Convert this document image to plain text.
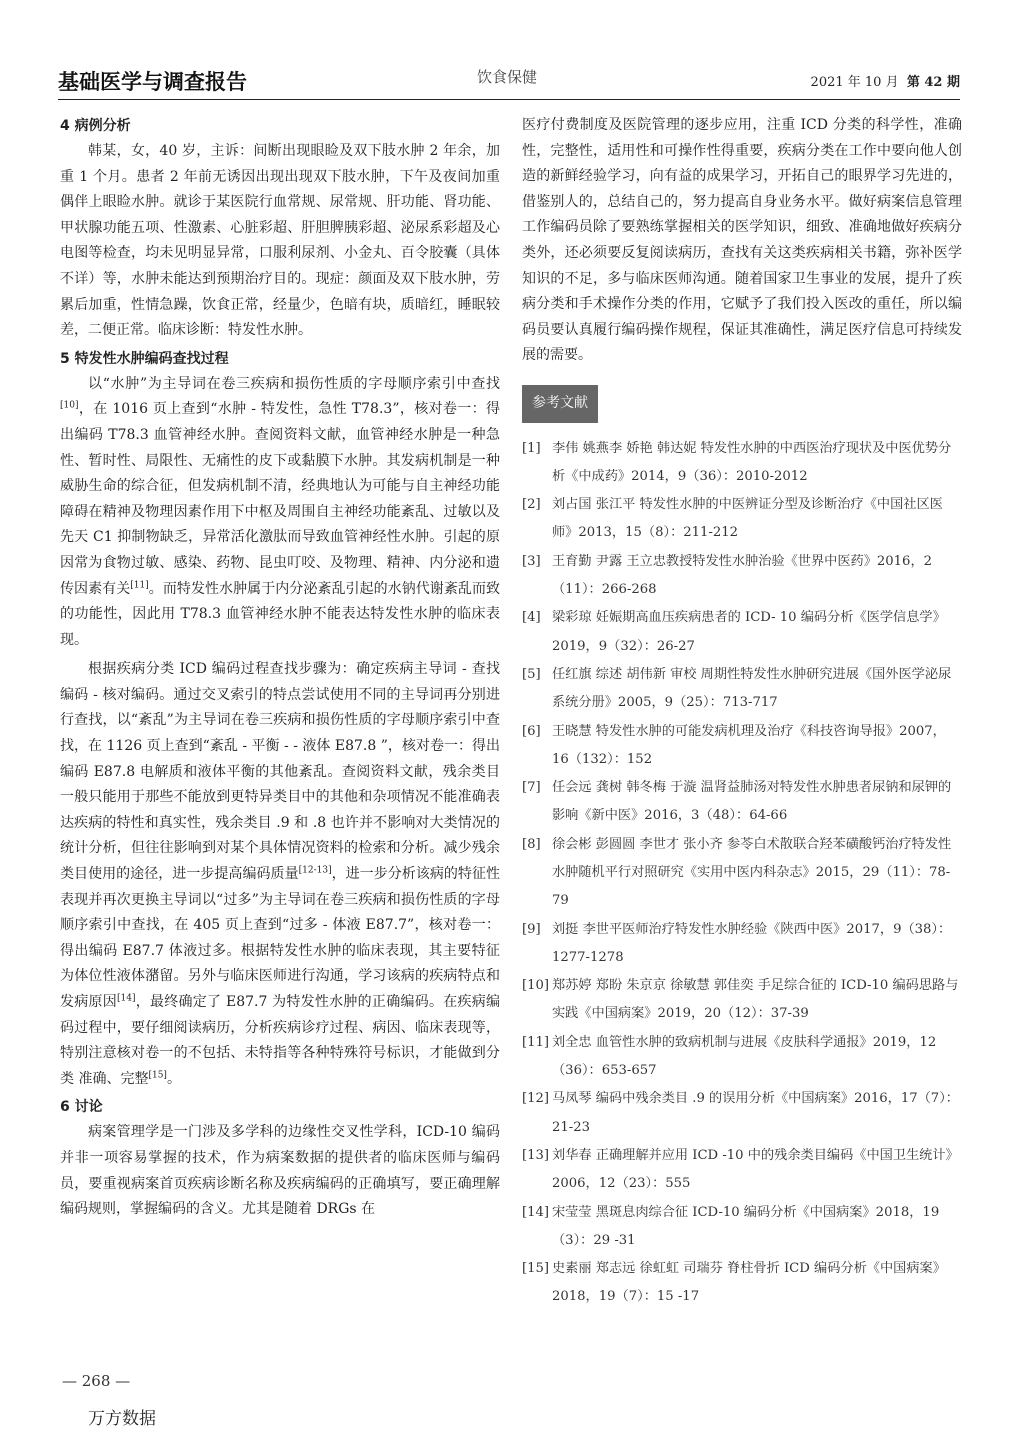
基础医学与调查报告	饮食保健	2021 年 10 月 第 42 期

4 病例分析

韩某，女，40 岁，主诉：间断出现眼睑及双下肢水肿 2 年余，加重 1 个月。患者 2 年前无诱因出现出现双下肢水肿，下午及夜间加重偶伴上眼睑水肿。就诊于某医院行血常规、尿常规、肝功能、肾功能、甲状腺功能五项、性激素、心脏彩超、肝胆脾胰彩超、泌尿系彩超及心电图等检查，均未见明显异常，口服利尿剂、小金丸、百令胶囊（具体不详）等，水肿未能达到预期治疗目的。现症：颜面及双下肢水肿，劳累后加重，性情急躁，饮食正常，经量少，色暗有块，质暗红，睡眠较差，二便正常。临床诊断：特发性水肿。

5 特发性水肿编码查找过程

以“水肿”为主导词在卷三疾病和损伤性质的字母顺序索引中查找[10]，在 1016 页上查到“水肿 - 特发性，急性 T78.3”，核对卷一：得出编码 T78.3 血管神经水肿。查阅资料文献，血管神经水肿是一种急性、暂时性、局限性、无痛性的皮下或黏膜下水肿。其发病机制是一种威胁生命的综合征，但发病机制不清，经典地认为可能与自主神经功能障碍在精神及物理因素作用下中枢及周围自主神经功能紊乱、过敏以及先天 C1 抑制物缺乏，异常活化激肽而导致血管神经性水肿。引起的原因常为食物过敏、感染、药物、昆虫叮咬、及物理、精神、内分泌和遗传因素有关[11]。而特发性水肿属于内分泌紊乱引起的水钠代谢紊乱而致的功能性，因此用 T78.3 血管神经水肿不能表达特发性水肿的临床表现。

根据疾病分类 ICD 编码过程查找步骤为：确定疾病主导词 - 查找编码 - 核对编码。通过交叉索引的特点尝试使用不同的主导词再分别进行查找，以“紊乱”为主导词在卷三疾病和损伤性质的字母顺序索引中查找，在 1126 页上查到“紊乱 - 平衡 - - 液体 E87.8 ”，核对卷一：得出编码 E87.8 电解质和液体平衡的其他紊乱。查阅资料文献，残余类目一般只能用于那些不能放到更特异类目中的其他和杂项情况不能准确表达疾病的特性和真实性，残余类目 .9 和 .8 也许并不影响对大类情况的统计分析，但往往影响到对某个具体情况资料的检索和分析。减少残余类目使用的途径，进一步提高编码质量[12-13]，进一步分析该病的特征性表现并再次更换主导词以“过多”为主导词在卷三疾病和损伤性质的字母顺序索引中查找，在 405 页上查到“过多 - 体液 E87.7”，核对卷一：得出编码 E87.7 体液过多。根据特发性水肿的临床表现，其主要特征为体位性液体潴留。另外与临床医师进行沟通，学习该病的疾病特点和发病原因[14]，最终确定了 E87.7 为特发性水肿的正确编码。在疾病编码过程中，要仔细阅读病历，分析疾病诊疗过程、病因、临床表现等，特别注意核对卷一的不包括、未特指等各种特殊符号标识，才能做到分类 准确、完整[15]。

6 讨论

病案管理学是一门涉及多学科的边缘性交叉性学科，ICD-10 编码并非一项容易掌握的技术，作为病案数据的提供者的临床医师与编码员，要重视病案首页疾病诊断名称及疾病编码的正确填写，要正确理解编码规则，掌握编码的含义。尤其是随着 DRGs 在

医疗付费制度及医院管理的逐步应用，注重 ICD 分类的科学性，准确性，完整性，适用性和可操作性得重要，疾病分类在工作中要向他人创造的新鲜经验学习，向有益的成果学习，开拓自己的眼界学习先进的，借鉴别人的，总结自己的，努力提高自身业务水平。做好病案信息管理工作编码员除了要熟练掌握相关的医学知识，细致、准确地做好疾病分类外，还必须要反复阅读病历，查找有关这类疾病相关书籍，弥补医学知识的不足，多与临床医师沟通。随着国家卫生事业的发展，提升了疾病分类和手术操作分类的作用，它赋予了我们投入医改的重任，所以编码员要认真履行编码操作规程，保证其准确性，满足医疗信息可持续发展的需要。

参考文献
[1] 李伟 姚燕李 娇艳 韩达妮 特发性水肿的中西医治疗现状及中医优势分析《中成药》2014，9（36）：2010-2012
[2] 刘占国 张江平 特发性水肿的中医辨证分型及诊断治疗《中国社区医师》2013，15（8）：211-212
[3] 王育勤 尹露 王立忠教授特发性水肿治验《世界中医药》2016，2（11）：266-268
[4] 梁彩琼 妊娠期高血压疾病患者的 ICD- 10 编码分析《医学信息学》2019，9（32）：26-27
[5] 任红旗 综述 胡伟新 审校 周期性特发性水肿研究进展《国外医学泌尿系统分册》2005，9（25）：713-717
[6] 王晓慧 特发性水肿的可能发病机理及治疗《科技咨询导报》2007，16（132）：152
[7] 任会远 龚树 韩冬梅 于漩 温肾益肺汤对特发性水肿患者尿钠和尿钾的影响《新中医》2016，3（48）：64-66
[8] 徐会彬 彭圆圆 李世才 张小齐 参苓白术散联合羟苯磺酸钙治疗特发性水肿随机平行对照研究《实用中医内科杂志》2015，29（11）：78-79
[9] 刘挺 李世平医师治疗特发性水肿经验《陕西中医》2017，9（38）：1277-1278
[10] 郑苏婷 郑盼 朱京京 徐敏慧 郭佳奕 手足综合征的 ICD-10 编码思路与实践《中国病案》2019，20（12）：37-39
[11] 刘全忠 血管性水肿的致病机制与进展《皮肤科学通报》2019，12（36）：653-657
[12] 马凤琴 编码中残余类目 .9 的误用分析《中国病案》2016，17（7）：21-23
[13] 刘华春 正确理解并应用 ICD -10 中的残余类目编码《中国卫生统计》2006，12（23）：555
[14] 宋莹莹 黑斑息肉综合征 ICD-10 编码分析《中国病案》2018，19（3）：29 -31
[15] 史素丽 郑志远 徐虹虹 司瑞芬 脊柱骨折 ICD 编码分析《中国病案》2018，19（7）：15 -17
— 268 —
万方数据
